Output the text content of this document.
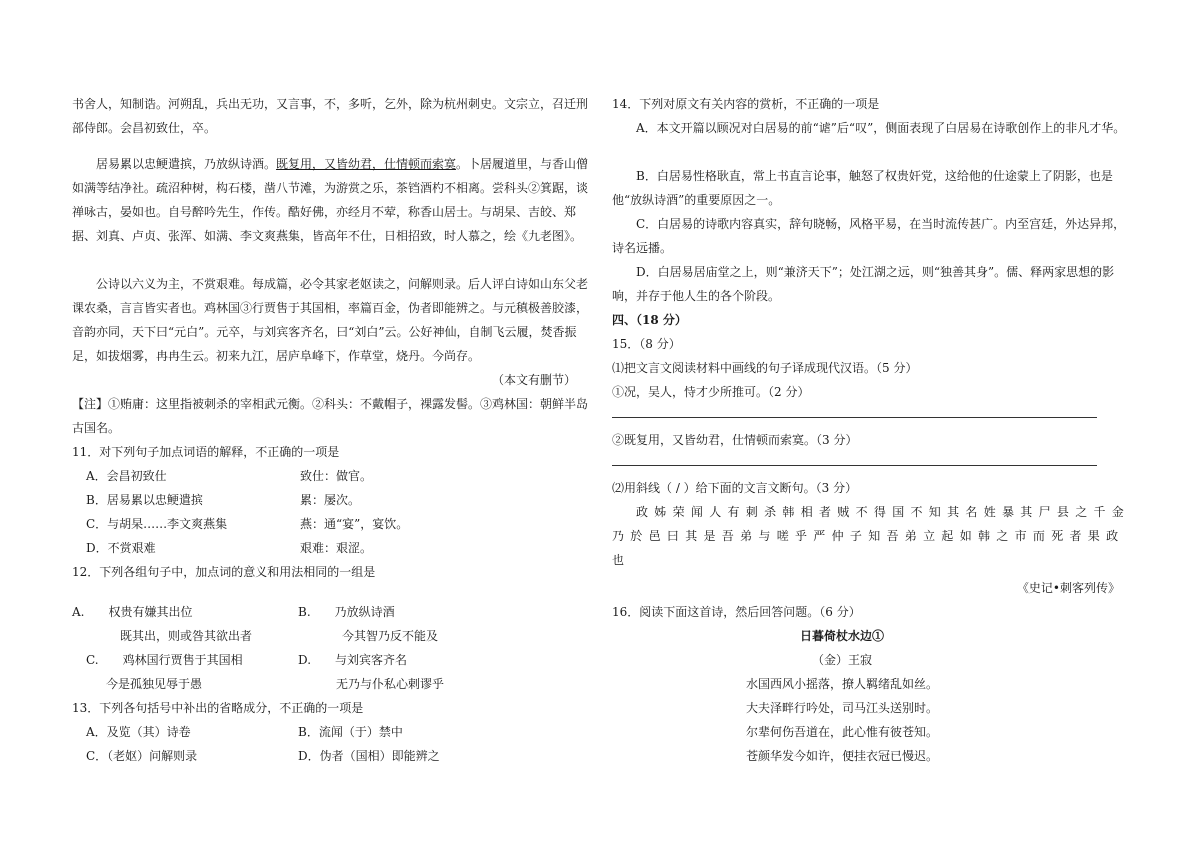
书舍人，知制诰。河朔乱，兵出无功，又言事，不，多听，乞外，除为杭州刺史。文宗立，召迁刑部侍郎。会昌初致仕，卒。

居易累以忠鲠遣摈，乃放纵诗酒。既复用，又皆幼君，仕情顿而索寞。卜居履道里，与香山僧如满等结净社。疏沼种树，构石楼，凿八节滩，为游赏之乐，茶铛酒杓不相离。尝科头②箕踞，谈禅咏古，晏如也。自号醉吟先生，作传。酷好佛，亦经月不荤，称香山居士。与胡杲、吉皎、郑据、刘真、卢贞、张浑、如满、李文爽燕集，皆高年不仕，日相招致，时人慕之，绘《九老图》。

公诗以六义为主，不赏艰难。每成篇，必令其家老妪读之，问解则录。后人评白诗如山东父老课农桑，言言皆实者也。鸡林国③行贾售于其国相，率篇百金，伪者即能辨之。与元稹极善胶漆，音韵亦同，天下曰“元白”。元卒，与刘宾客齐名，曰“刘白”云。公好神仙，自制飞云履，焚香振足，如拔烟雾，冉冉生云。初来九江，居庐阜峰下，作草堂，烧丹。今尚存。

（本文有删节）

【注】①贿庸：这里指被刺杀的宰相武元衡。②科头：不戴帽子，裸露发髻。③鸡林国：朝鲜半岛古国名。

11．对下列句子加点词语的解释，不正确的一项是

A．会昌初致仕	致仕：做官。
B．居易累以忠鲠遣摈	累：屡次。
C．与胡杲……李文爽燕集	燕：通“宴”，宴饮。
D．不赏艰难	艰难：艰涩。

12．下列各组句子中，加点词的意义和用法相同的一组是

A.　　权贵有嫌其出位	B.　　乃放纵诗酒
既其出，则或咎其欲出者	今其智乃反不能及
C.　　鸡林国行贾售于其国相	D.　　与刘宾客齐名
今是孤独见辱于愚	无乃与仆私心剌谬乎

13．下列各句括号中补出的省略成分，不正确的一项是

A．及览（其）诗卷	B．流闻（于）禁中
C．（老妪）问解则录	D．伪者（国相）即能辨之

14．下列对原文有关内容的赏析，不正确的一项是

A．本文开篇以顾况对白居易的前“谑”后“叹”，侧面表现了白居易在诗歌创作上的非凡才华。

B．白居易性格耿直，常上书直言论事，触怒了权贵奸党，这给他的仕途蒙上了阴影，也是他“放纵诗酒”的重要原因之一。

C．白居易的诗歌内容真实，辞句晓畅，风格平易，在当时流传甚广。内至宫廷，外达异邦，诗名远播。

D．白居易居庙堂之上，则“兼济天下”；处江湖之远，则“独善其身”。儒、释两家思想的影响，并存于他人生的各个阶段。

四、（18 分）

15．（8 分）

⑴把文言文阅读材料中画线的句子译成现代汉语。（5 分）

①况，吴人，恃才少所推可。（2 分）

②既复用，又皆幼君，仕情顿而索寞。（3 分）

⑵用斜线（ / ）给下面的文言文断句。（3 分）

政姊荣闻人有刺杀韩相者贼不得国不知其名姓暴其尸县之千金

乃於邑曰其是吾弟与嗟乎严仲子知吾弟立起如韩之市而死者果政

也

《史记•刺客列传》

16．阅读下面这首诗，然后回答问题。（6 分）

日暮倚杖水边①

（金）王寂

水国西风小摇落，撩人羁绪乱如丝。

大夫泽畔行吟处，司马江头送别时。

尔辈何伤吾道在，此心惟有彼苍知。

苍颜华发今如许，便挂衣冠已慢迟。
